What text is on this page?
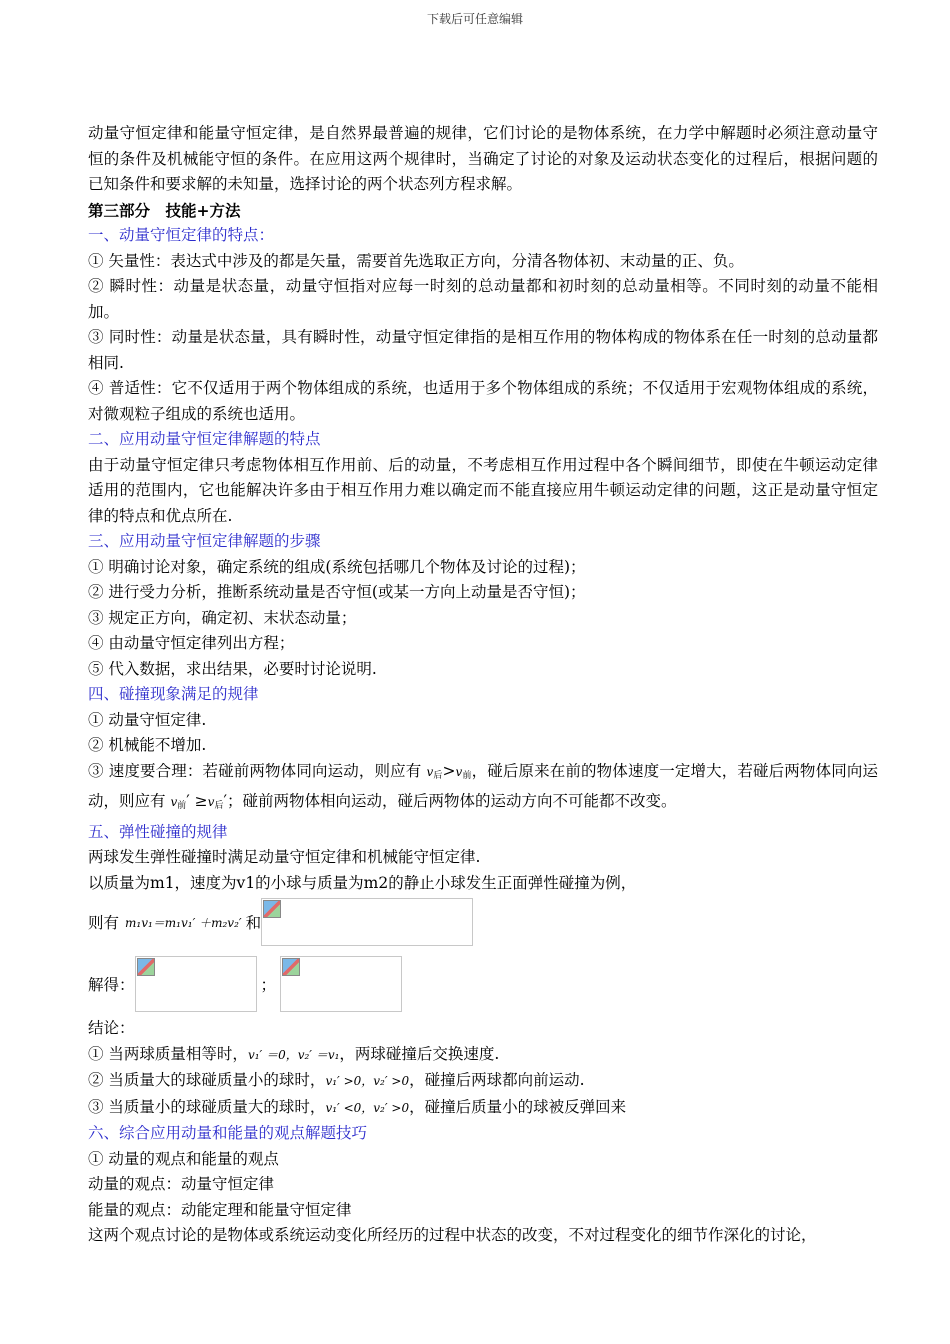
下载后可任意编辑

动量守恒定律和能量守恒定律，是自然界最普遍的规律，它们讨论的是物体系统，在力学中解题时必须注意动量守恒的条件及机械能守恒的条件。在应用这两个规律时，当确定了讨论的对象及运动状态变化的过程后，根据问题的已知条件和要求解的未知量，选择讨论的两个状态列方程求解。

第三部分　技能+方法

一、动量守恒定律的特点：

① 矢量性：表达式中涉及的都是矢量，需要首先选取正方向，分清各物体初、末动量的正、负。

② 瞬时性：动量是状态量，动量守恒指对应每一时刻的总动量都和初时刻的总动量相等。不同时刻的动量不能相加。

③ 同时性：动量是状态量，具有瞬时性，动量守恒定律指的是相互作用的物体构成的物体系在任一时刻的总动量都相同.

④ 普适性：它不仅适用于两个物体组成的系统，也适用于多个物体组成的系统；不仅适用于宏观物体组成的系统，对微观粒子组成的系统也适用。

二、应用动量守恒定律解题的特点

由于动量守恒定律只考虑物体相互作用前、后的动量，不考虑相互作用过程中各个瞬间细节，即使在牛顿运动定律适用的范围内，它也能解决许多由于相互作用力难以确定而不能直接应用牛顿运动定律的问题，这正是动量守恒定律的特点和优点所在.

三、应用动量守恒定律解题的步骤

① 明确讨论对象，确定系统的组成(系统包括哪几个物体及讨论的过程)；

② 进行受力分析，推断系统动量是否守恒(或某一方向上动量是否守恒)；

③ 规定正方向，确定初、末状态动量；

④ 由动量守恒定律列出方程；

⑤ 代入数据，求出结果，必要时讨论说明.

四、碰撞现象满足的规律

① 动量守恒定律.

② 机械能不增加.

③ 速度要合理：若碰前两物体同向运动，则应有 $v_后>v_前$，碰后原来在前的物体速度一定增大，若碰后两物体同向运动，则应有 $v_前' \ge v_后'$；碰前两物体相向运动，碰后两物体的运动方向不可能都不改变。

五、弹性碰撞的规律

两球发生弹性碰撞时满足动量守恒定律和机械能守恒定律.

以质量为m1，速度为v1的小球与质量为m2的静止小球发生正面弹性碰撞为例，

则有 m₁v₁＝m₁v₁′ ＋m₂v₂′ 和
解得：	；

结论：

① 当两球质量相等时，v₁′ ＝0，v₂′ ＝v₁，两球碰撞后交换速度.

② 当质量大的球碰质量小的球时，v₁′ >0，v₂′ >0，碰撞后两球都向前运动.

③ 当质量小的球碰质量大的球时，v₁′ <0，v₂′ >0，碰撞后质量小的球被反弹回来

六、综合应用动量和能量的观点解题技巧

① 动量的观点和能量的观点

动量的观点：动量守恒定律

能量的观点：动能定理和能量守恒定律

这两个观点讨论的是物体或系统运动变化所经历的过程中状态的改变，不对过程变化的细节作深化的讨论，
